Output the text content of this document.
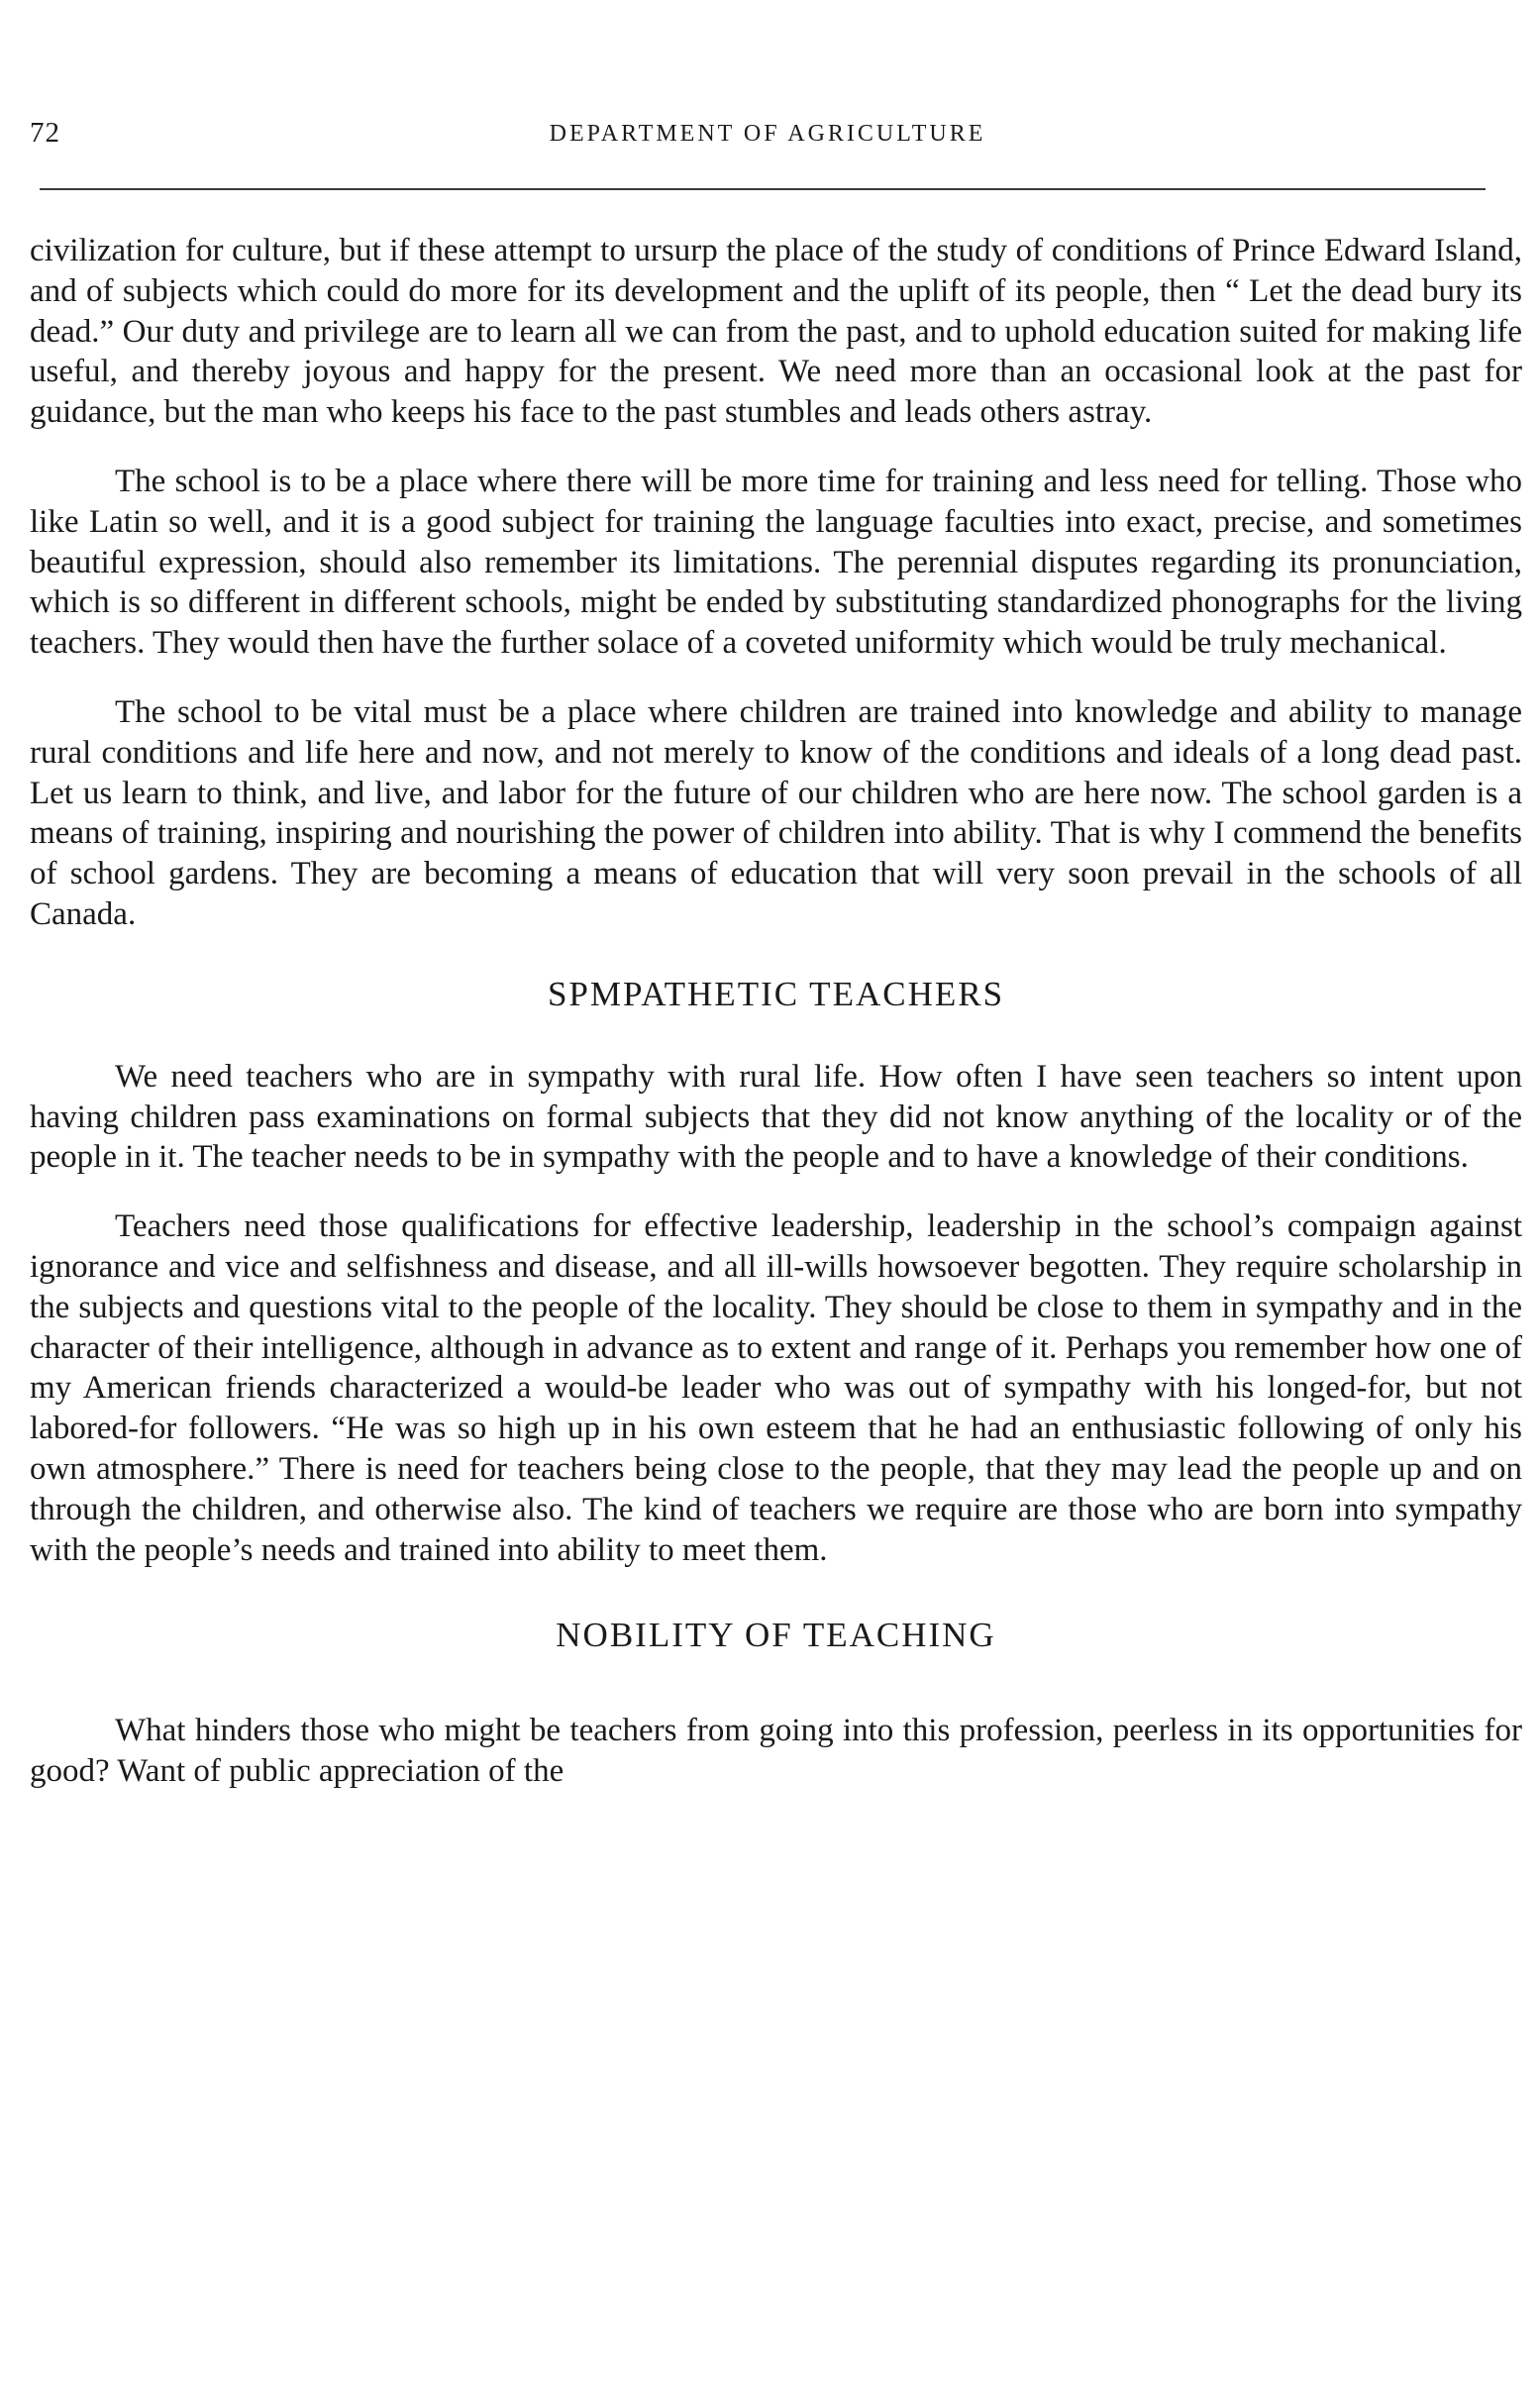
72	DEPARTMENT OF AGRICULTURE

civilization for culture, but if these attempt to ursurp the place of the study of conditions of Prince Edward Island, and of subjects which could do more for its development and the uplift of its people, then “ Let the dead bury its dead.” Our duty and privilege are to learn all we can from the past, and to uphold education suited for making life useful, and thereby joyous and happy for the present. We need more than an occasional look at the past for guidance, but the man who keeps his face to the past stumbles and leads others astray.

The school is to be a place where there will be more time for training and less need for telling. Those who like Latin so well, and it is a good subject for training the language faculties into exact, precise, and sometimes beautiful expression, should also remember its limitations. The perennial disputes regarding its pronunciation, which is so different in different schools, might be ended by substituting standardized phonographs for the living teachers. They would then have the further solace of a coveted uniformity which would be truly mechanical.

The school to be vital must be a place where children are trained into knowledge and ability to manage rural conditions and life here and now, and not merely to know of the conditions and ideals of a long dead past. Let us learn to think, and live, and labor for the future of our children who are here now. The school garden is a means of training, inspiring and nourishing the power of children into ability. That is why I commend the benefits of school gardens. They are becoming a means of education that will very soon prevail in the schools of all Canada.

SPMPATHETIC TEACHERS

We need teachers who are in sympathy with rural life. How often I have seen teachers so intent upon having children pass examinations on formal subjects that they did not know anything of the locality or of the people in it. The teacher needs to be in sympathy with the people and to have a knowledge of their conditions.

Teachers need those qualifications for effective leadership, leadership in the school’s compaign against ignorance and vice and selfishness and disease, and all ill-wills howsoever begotten. They require scholarship in the subjects and questions vital to the people of the locality. They should be close to them in sympathy and in the character of their intelligence, although in advance as to extent and range of it. Perhaps you remember how one of my American friends characterized a would-be leader who was out of sympathy with his longed-for, but not labored-for followers. “He was so high up in his own esteem that he had an enthusiastic following of only his own atmosphere.” There is need for teachers being close to the people, that they may lead the people up and on through the children, and otherwise also. The kind of teachers we require are those who are born into sympathy with the people’s needs and trained into ability to meet them.

NOBILITY OF TEACHING

What hinders those who might be teachers from going into this profession, peerless in its opportunities for good? Want of public appreciation of the
